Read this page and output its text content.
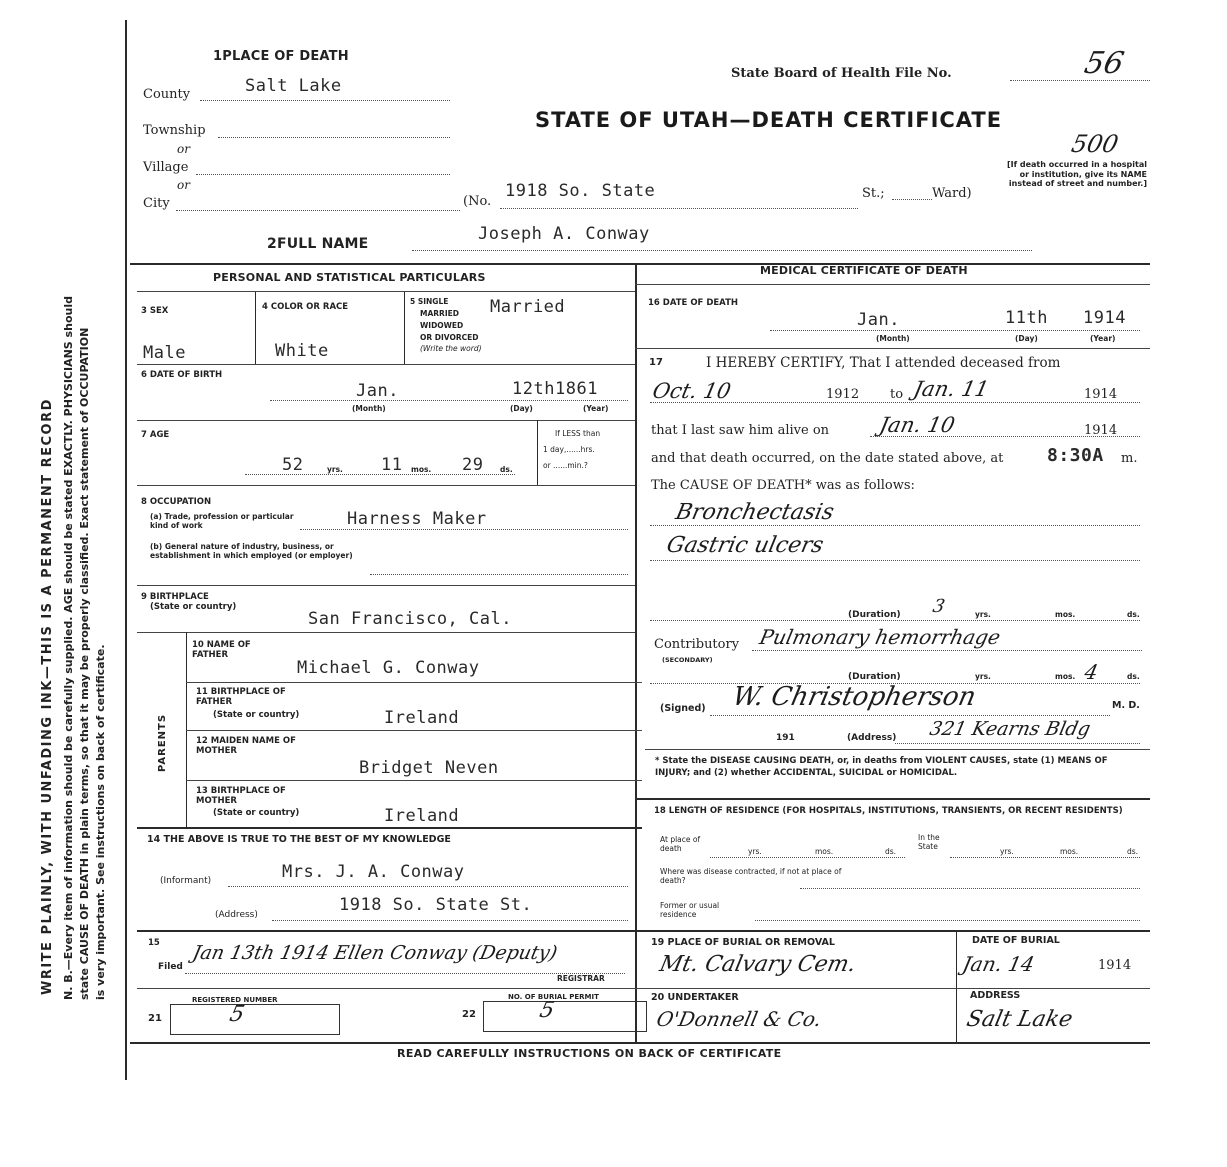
WRITE PLAINLY, WITH UNFADING INK—THIS IS A PERMANENT RECORD N. B.—Every item of information should be carefully supplied. AGE should be stated EXACTLY. PHYSICIANS should state CAUSE OF DEATH in plain terms, so that it may be properly classified. Exact statement of OCCUPATION is very important. See instructions on back of certificate.
1PLACE OF DEATH
County	Salt Lake
Township
or
Village
or
City	(No.
1918 So. State	St.;	Ward)
State Board of Health File No.	56
STATE OF UTAH—DEATH CERTIFICATE
500
[If death occurred in a hospital or institution, give its NAME instead of street and number.]
2FULL NAME	Joseph A. Conway
PERSONAL AND STATISTICAL PARTICULARS
3 SEX
Male
4 COLOR OR RACE
White
5 SINGLE
MARRIED
WIDOWED
OR DIVORCED
(Write the word)
Married
6 DATE OF BIRTH
Jan.	12th 1861
(Month)	(Day)	(Year)
7 AGE
52	yrs. 11 mos. 29 ds.
If LESS than
1 day,......hrs.
or ......min.?
8 OCCUPATION
(a) Trade, profession or particular kind of work	Harness Maker
(b) General nature of industry, business, or establishment in which employed (or employer)
9 BIRTHPLACE
(State or country)
San Francisco, Cal.
PARENTS
10 NAME OF FATHER
Michael G. Conway
11 BIRTHPLACE OF FATHER
(State or country)	Ireland
12 MAIDEN NAME OF MOTHER
Bridget Neven
13 BIRTHPLACE OF MOTHER
(State or country)	Ireland
14 THE ABOVE IS TRUE TO THE BEST OF MY KNOWLEDGE
(Informant)	Mrs. J. A. Conway
(Address)	1918 So. State St.
15
Filed
Jan 13th 1914 Ellen Conway (Deputy)
REGISTRAR
REGISTERED NUMBER
21	5
NO. OF BURIAL PERMIT
22	5
MEDICAL CERTIFICATE OF DEATH
16 DATE OF DEATH
Jan.	11th 1914
(Month)	(Day)	(Year)
17	I HEREBY CERTIFY, That I attended deceased from
Oct. 10	1912 to Jan. 11	1914
that I last saw him alive on Jan. 10	1914
and that death occurred, on the date stated above, at 8:30A m.
The CAUSE OF DEATH* was as follows:
Bronchectasis
Gastric ulcers
(Duration) 3	yrs.	mos.	ds.
Contributory
(SECONDARY)
Pulmonary hemorrhage
(Duration)	yrs.	mos. 4	ds.
(Signed) W. Christopherson	M. D.
191	(Address) 321 Kearns Bldg
* State the DISEASE CAUSING DEATH, or, in deaths from VIOLENT CAUSES, state (1) MEANS OF INJURY; and (2) whether ACCIDENTAL, SUICIDAL or HOMICIDAL.
18 LENGTH OF RESIDENCE (FOR HOSPITALS, INSTITUTIONS, TRANSIENTS, OR RECENT RESIDENTS)
At place of death	yrs.	mos.	ds.
In the State
yrs.	mos.	ds.
Where was disease contracted, if not at place of death?
Former or usual residence
19 PLACE OF BURIAL OR REMOVAL
Mt. Calvary Cem.
DATE OF BURIAL
Jan. 14	1914
20 UNDERTAKER
O'Donnell & Co.
ADDRESS
Salt Lake
READ CAREFULLY INSTRUCTIONS ON BACK OF CERTIFICATE
